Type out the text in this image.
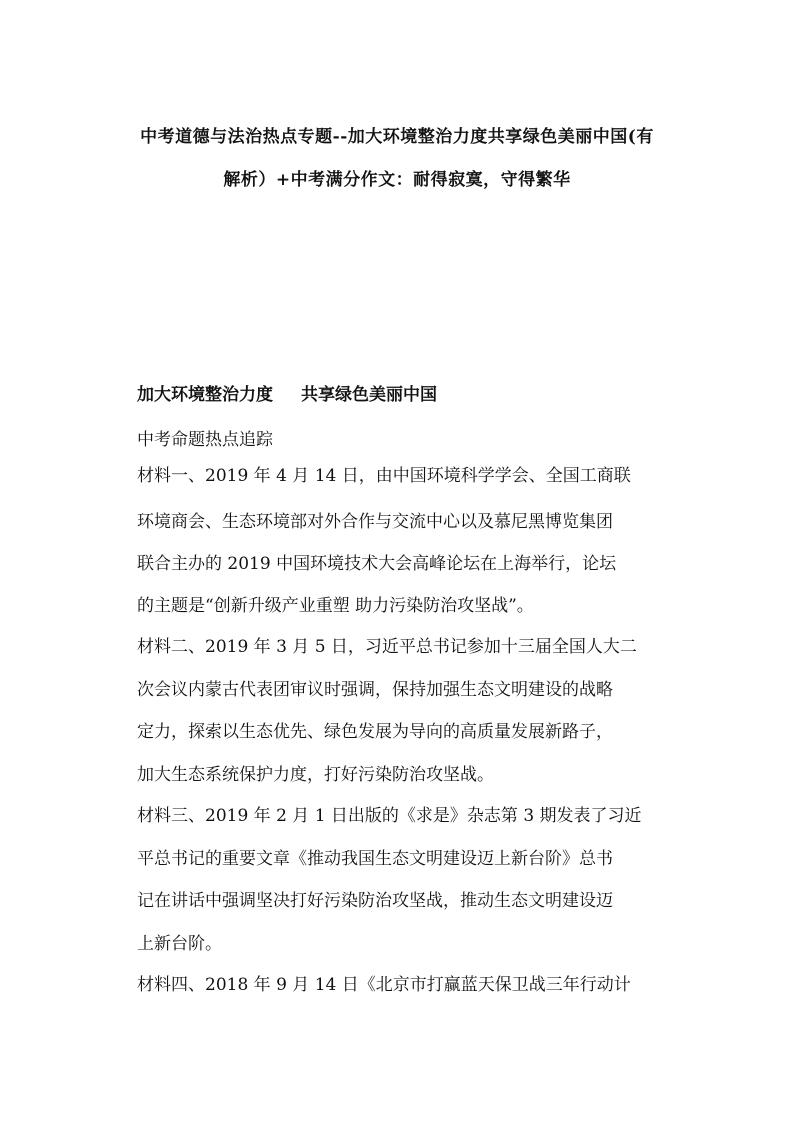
中考道德与法治热点专题--加大环境整治力度共享绿色美丽中国(有
解析）+中考满分作文：耐得寂寞，守得繁华
加大环境整治力度 共享绿色美丽中国
中考命题热点追踪
材料一、2019 年 4 月 14 日，由中国环境科学学会、全国工商联
环境商会、生态环境部对外合作与交流中心以及慕尼黑博览集团
联合主办的 2019 中国环境技术大会高峰论坛在上海举行，论坛
的主题是“创新升级产业重塑 助力污染防治攻坚战”。
材料二、2019 年 3 月 5 日，习近平总书记参加十三届全国人大二
次会议内蒙古代表团审议时强调，保持加强生态文明建设的战略
定力，探索以生态优先、绿色发展为导向的高质量发展新路子，
加大生态系统保护力度，打好污染防治攻坚战。
材料三、2019 年 2 月 1 日出版的《求是》杂志第 3 期发表了习近
平总书记的重要文章《推动我国生态文明建设迈上新台阶》总书
记在讲话中强调坚决打好污染防治攻坚战，推动生态文明建设迈
上新台阶。
材料四、2018 年 9 月 14 日《北京市打赢蓝天保卫战三年行动计
